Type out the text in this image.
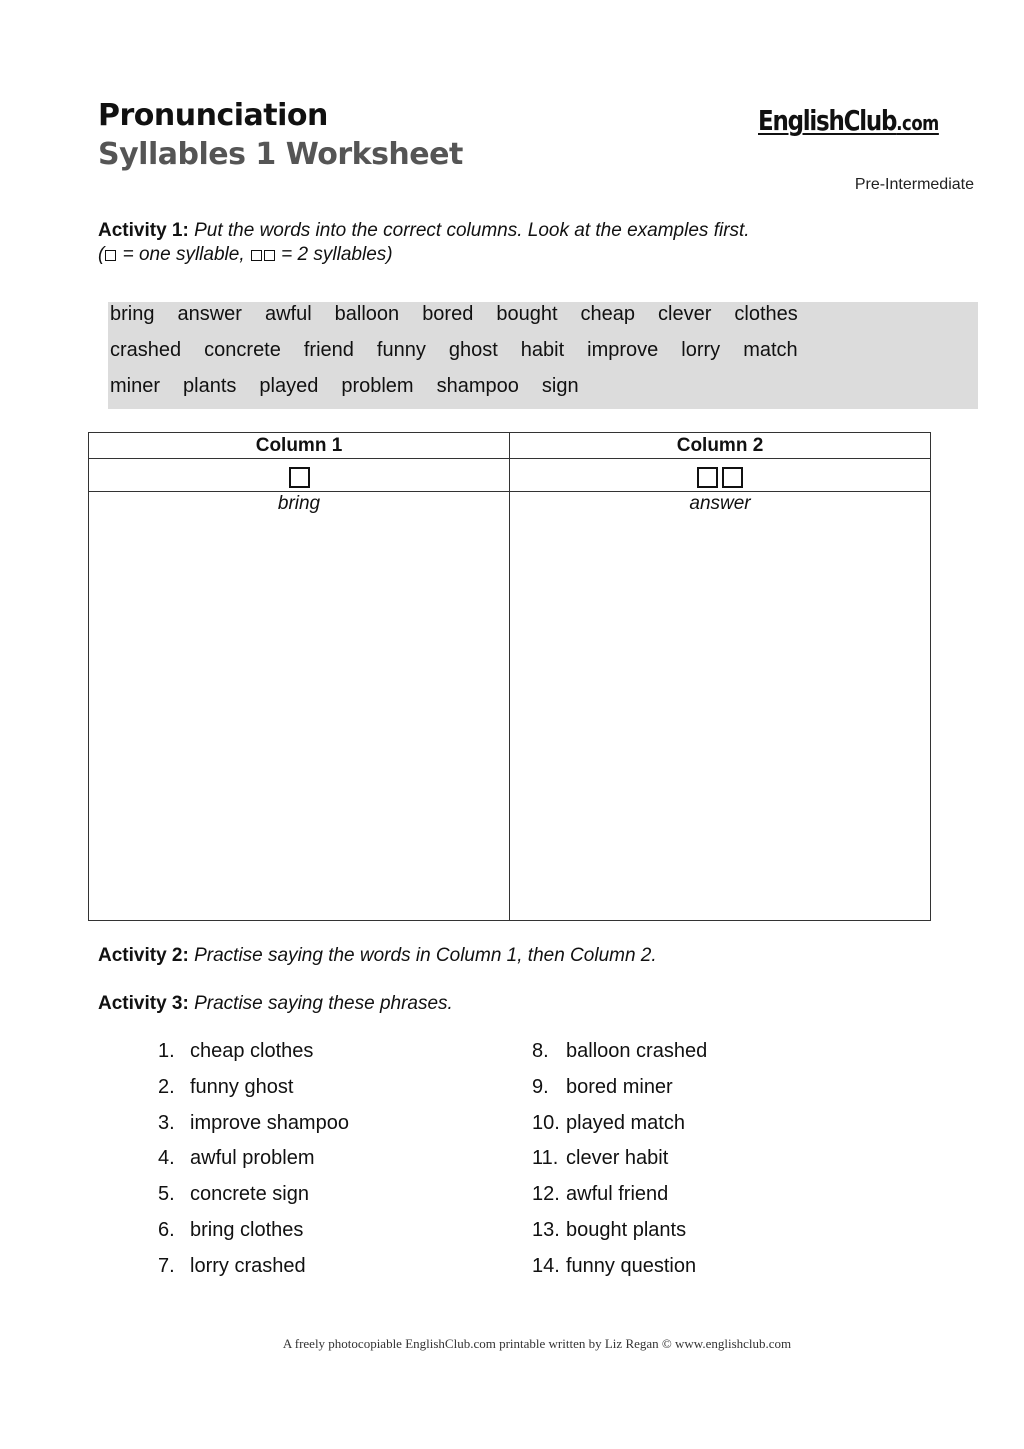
Pronunciation
Syllables 1 Worksheet
EnglishClub.com
Pre-Intermediate
Activity 1: Put the words into the correct columns. Look at the examples first.
( = one syllable, = 2 syllables)
bring answer awful balloon bored bought cheap clever clothes
crashed concrete friend funny ghost habit improve lorry match
miner plants played problem shampoo sign
Column 1	Column 2

bring	answer
Activity 2: Practise saying the words in Column 1, then Column 2.
Activity 3: Practise saying these phrases.
1. cheap clothes
2. funny ghost
3. improve shampoo
4. awful problem
5. concrete sign
6. bring clothes
7. lorry crashed
8. balloon crashed
9. bored miner
10. played match
11. clever habit
12. awful friend
13. bought plants
14. funny question
A freely photocopiable EnglishClub.com printable written by Liz Regan © www.englishclub.com
